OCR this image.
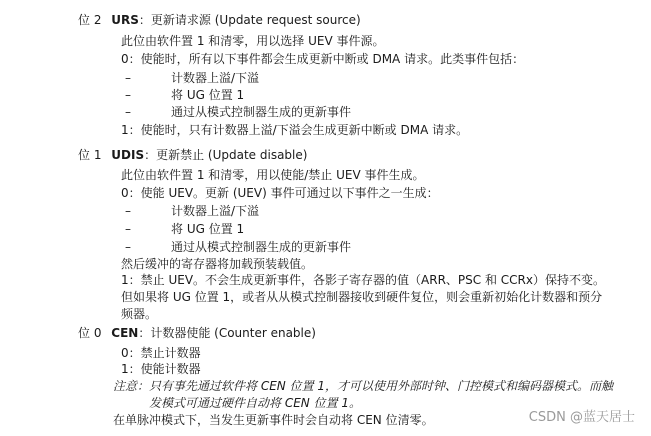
位 2 URS：更新请求源 (Update request source)
此位由软件置 1 和清零，用以选择 UEV 事件源。
0：使能时，所有以下事件都会生成更新中断或 DMA 请求。此类事件包括：
–	计数器上溢/下溢
–	将 UG 位置 1
–	通过从模式控制器生成的更新事件
1：使能时，只有计数器上溢/下溢会生成更新中断或 DMA 请求。
位 1 UDIS：更新禁止 (Update disable)
此位由软件置 1 和清零，用以使能/禁止 UEV 事件生成。
0：使能 UEV。更新 (UEV) 事件可通过以下事件之一生成：
–	计数器上溢/下溢
–	将 UG 位置 1
–	通过从模式控制器生成的更新事件
然后缓冲的寄存器将加载预装载值。
1：禁止 UEV。不会生成更新事件，各影子寄存器的值（ARR、PSC 和 CCRx）保持不变。
但如果将 UG 位置 1，或者从从模式控制器接收到硬件复位，则会重新初始化计数器和预分
频器。
位 0 CEN：计数器使能 (Counter enable)
0：禁止计数器
1：使能计数器
注意：只有事先通过软件将 CEN 位置 1，才可以使用外部时钟、门控模式和编码器模式。而触
发模式可通过硬件自动将 CEN 位置 1。
在单脉冲模式下，当发生更新事件时会自动将 CEN 位清零。	CSDN @蓝天居士
